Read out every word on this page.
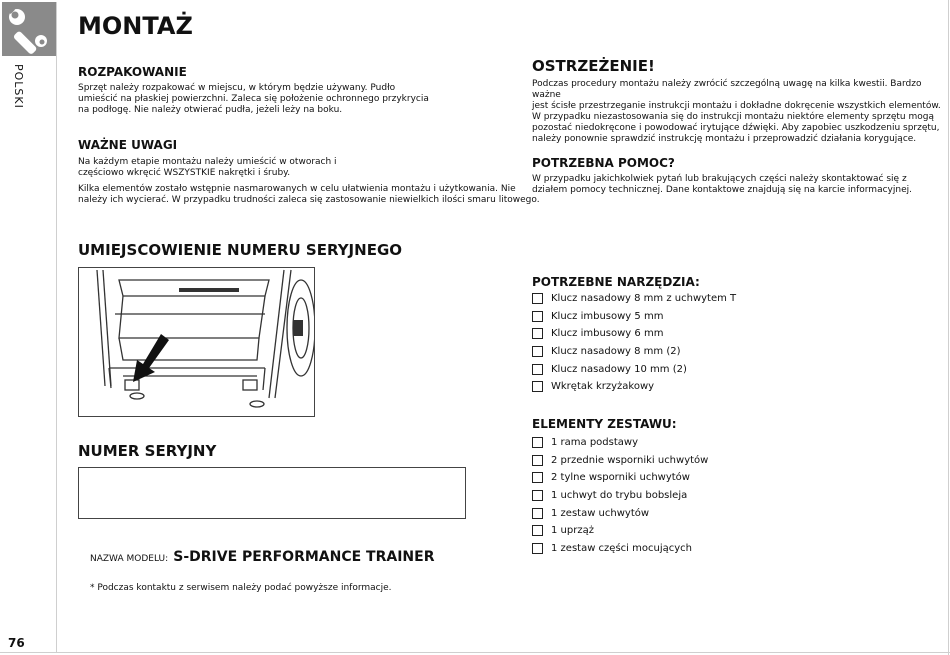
POLSKI
76
MONTAŻ
ROZPAKOWANIE

Sprzęt należy rozpakować w miejscu, w którym będzie używany. Pudło

umieścić na płaskiej powierzchni. Zaleca się położenie ochronnego przykrycia

na podłogę. Nie należy otwierać pudła, jeżeli leży na boku.

WAŻNE UWAGI

Na każdym etapie montażu należy umieścić w otworach i

częściowo wkręcić WSZYSTKIE nakrętki i śruby.

Kilka elementów zostało wstępnie nasmarowanych w celu ułatwienia montażu i użytkowania. Nie

należy ich wycierać. W przypadku trudności zaleca się zastosowanie niewielkich ilości smaru litowego.

OSTRZEŻENIE!

Podczas procedury montażu należy zwrócić szczególną uwagę na kilka kwestii. Bardzo ważne

jest ścisłe przestrzeganie instrukcji montażu i dokładne dokręcenie wszystkich elementów.

W przypadku niezastosowania się do instrukcji montażu niektóre elementy sprzętu mogą

pozostać niedokręcone i powodować irytujące dźwięki. Aby zapobiec uszkodzeniu sprzętu,

należy ponownie sprawdzić instrukcję montażu i przeprowadzić działania korygujące.

POTRZEBNA POMOC?

W przypadku jakichkolwiek pytań lub brakujących części należy skontaktować się z

działem pomocy technicznej. Dane kontaktowe znajdują się na karcie informacyjnej.

UMIEJSCOWIENIE NUMERU SERYJNEGO
NUMER SERYJNY
NAZWA MODELU: S-DRIVE PERFORMANCE TRAINER
* Podczas kontaktu z serwisem należy podać powyższe informacje.
POTRZEBNE NARZĘDZIA:
Klucz nasadowy 8 mm z uchwytem T
Klucz imbusowy 5 mm
Klucz imbusowy 6 mm
Klucz nasadowy 8 mm (2)
Klucz nasadowy 10 mm (2)
Wkrętak krzyżakowy
ELEMENTY ZESTAWU:
1 rama podstawy
2 przednie wsporniki uchwytów
2 tylne wsporniki uchwytów
1 uchwyt do trybu bobsleja
1 zestaw uchwytów
1 uprząż
1 zestaw części mocujących
